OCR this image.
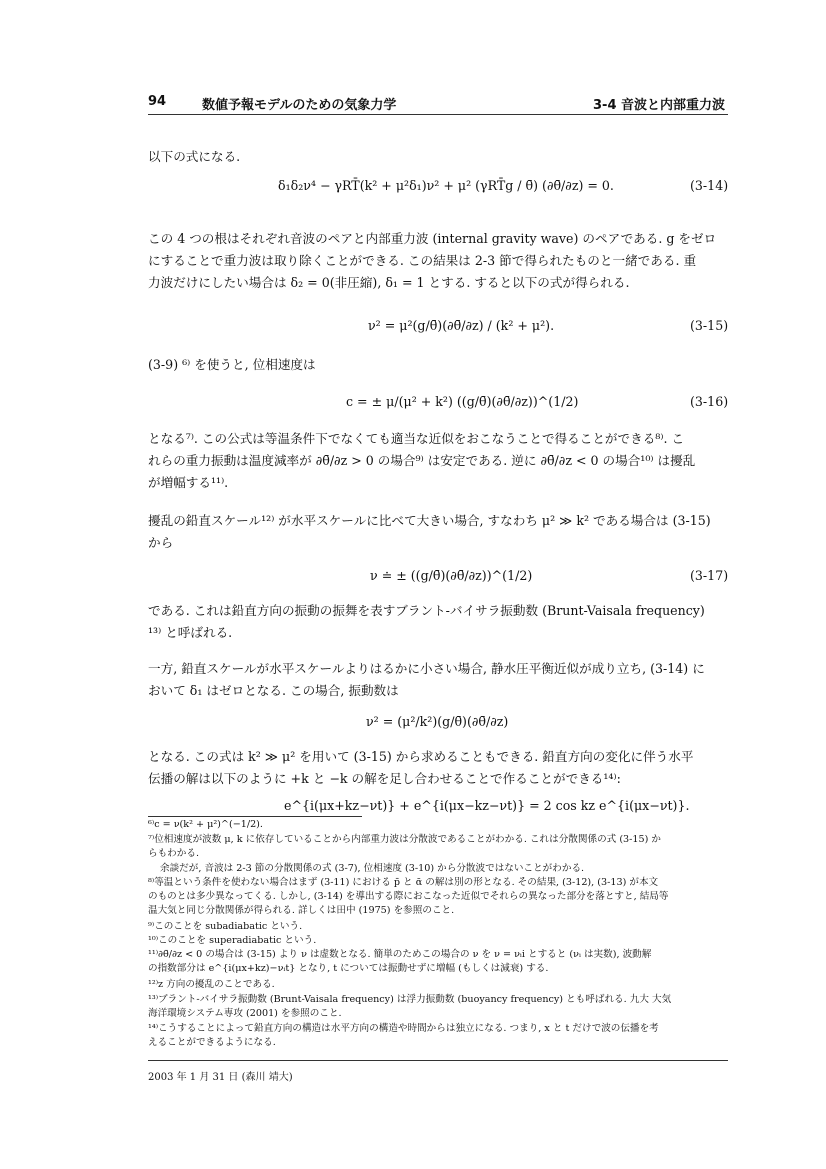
94	数値予報モデルのための気象力学	3-4 音波と内部重力波
以下の式になる.
δ₁δ₂ν⁴ − γRT̄(k² + μ²δ₁)ν² + μ² (γRT̄g / θ̄) (∂θ̄/∂z) = 0.	(3-14)
この 4 つの根はそれぞれ音波のペアと内部重力波 (internal gravity wave) のペアである. g をゼロ
にすることで重力波は取り除くことができる. この結果は 2-3 節で得られたものと一緒である. 重
力波だけにしたい場合は δ₂ = 0(非圧縮), δ₁ = 1 とする. すると以下の式が得られる.
ν² = μ²(g/θ̄)(∂θ̄/∂z) / (k² + μ²).	(3-15)
(3-9) ⁶⁾ を使うと, 位相速度は
c = ± μ/(μ² + k²) ((g/θ̄)(∂θ̄/∂z))^(1/2)	(3-16)
となる⁷⁾. この公式は等温条件下でなくても適当な近似をおこなうことで得ることができる⁸⁾. こ
れらの重力振動は温度減率が ∂θ̄/∂z > 0 の場合⁹⁾ は安定である. 逆に ∂θ̄/∂z < 0 の場合¹⁰⁾ は擾乱
が増幅する¹¹⁾.
擾乱の鉛直スケール¹²⁾ が水平スケールに比べて大きい場合, すなわち μ² ≫ k² である場合は (3-15)
から
ν ≐ ± ((g/θ̄)(∂θ̄/∂z))^(1/2)	(3-17)
である. これは鉛直方向の振動の振舞を表すブラント-バイサラ振動数 (Brunt-Vaisala frequency)
¹³⁾ と呼ばれる.
一方, 鉛直スケールが水平スケールよりはるかに小さい場合, 静水圧平衡近似が成り立ち, (3-14) に
おいて δ₁ はゼロとなる. この場合, 振動数は
ν² = (μ²/k²)(g/θ̄)(∂θ̄/∂z)
となる. この式は k² ≫ μ² を用いて (3-15) から求めることもできる. 鉛直方向の変化に伴う水平
伝播の解は以下のように +k と −k の解を足し合わせることで作ることができる¹⁴⁾:
e^{i(μx+kz−νt)} + e^{i(μx−kz−νt)} = 2 cos kz e^{i(μx−νt)}.
⁶⁾c = ν(k² + μ²)^(−1/2).
⁷⁾位相速度が波数 μ, k に依存していることから内部重力波は分散波であることがわかる. これは分散関係の式 (3-15) か
らもわかる.
余談だが, 音波は 2-3 節の分散関係の式 (3-7), 位相速度 (3-10) から分散波ではないことがわかる.
⁸⁾等温という条件を使わない場合はまず (3-11) における p̄ と ᾱ の解は別の形となる. その結果, (3-12), (3-13) が本文
のものとは多少異なってくる. しかし, (3-14) を導出する際におこなった近似でそれらの異なった部分を落とすと, 結局等
温大気と同じ分散関係が得られる. 詳しくは田中 (1975) を参照のこと.
⁹⁾このことを subadiabatic という.
¹⁰⁾このことを superadiabatic という.
¹¹⁾∂θ̄/∂z < 0 の場合は (3-15) より ν は虚数となる. 簡単のためこの場合の ν を ν = νᵢi とすると (νᵢ は実数), 波動解
の指数部分は e^{i(μx+kz)−νᵢt} となり, t については振動せずに増幅 (もしくは減衰) する.
¹²⁾z 方向の擾乱のことである.
¹³⁾ブラント-バイサラ振動数 (Brunt-Vaisala frequency) は浮力振動数 (buoyancy frequency) とも呼ばれる. 九大 大気
海洋環境システム専攻 (2001) を参照のこと.
¹⁴⁾こうすることによって鉛直方向の構造は水平方向の構造や時間からは独立になる. つまり, x と t だけで波の伝播を考
えることができるようになる.
2003 年 1 月 31 日 (森川 靖大)
